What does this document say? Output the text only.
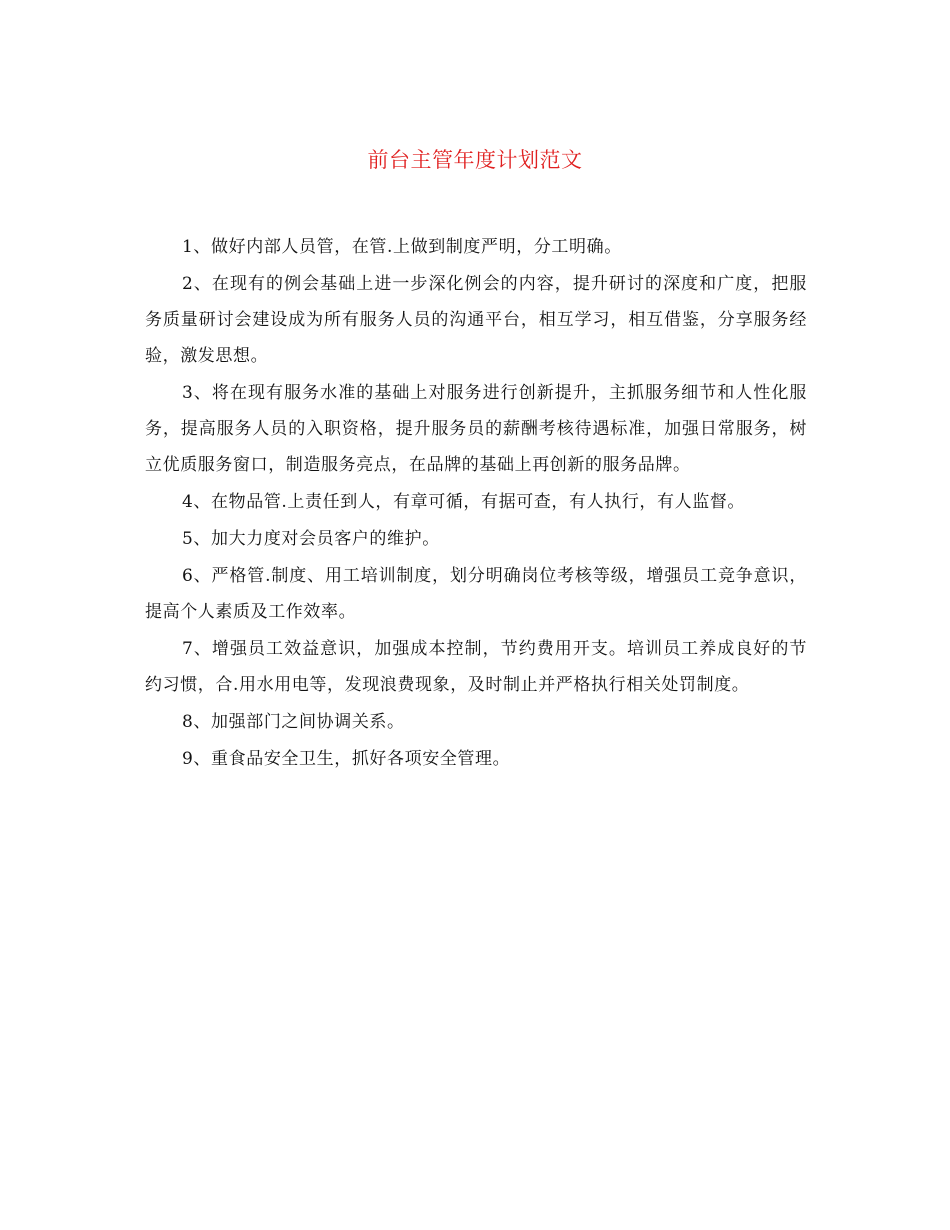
前台主管年度计划范文

1、做好内部人员管，在管.上做到制度严明，分工明确。

2、在现有的例会基础上进一步深化例会的内容，提升研讨的深度和广度，把服务质量研讨会建设成为所有服务人员的沟通平台，相互学习，相互借鉴，分享服务经验，激发思想。

3、将在现有服务水准的基础上对服务进行创新提升，主抓服务细节和人性化服务，提高服务人员的入职资格，提升服务员的薪酬考核待遇标准，加强日常服务，树立优质服务窗口，制造服务亮点，在品牌的基础上再创新的服务品牌。

4、在物品管.上责任到人，有章可循，有据可查，有人执行，有人监督。

5、加大力度对会员客户的维护。

6、严格管.制度、用工培训制度，划分明确岗位考核等级，增强员工竞争意识，提高个人素质及工作效率。

7、增强员工效益意识，加强成本控制，节约费用开支。培训员工养成良好的节约习惯，合.用水用电等，发现浪费现象，及时制止并严格执行相关处罚制度。

8、加强部门之间协调关系。

9、重食品安全卫生，抓好各项安全管理。
